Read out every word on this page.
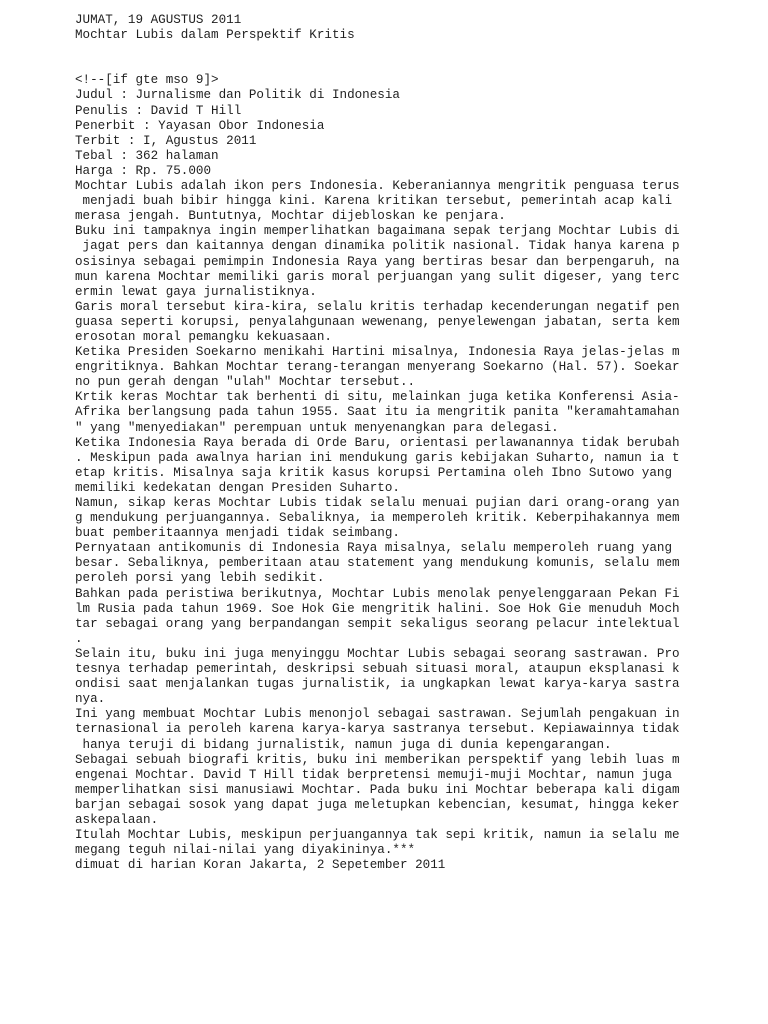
JUMAT, 19 AGUSTUS 2011
Mochtar Lubis dalam Perspektif Kritis
<!--[if gte mso 9]>
Judul : Jurnalisme dan Politik di Indonesia
Penulis : David T Hill
Penerbit : Yayasan Obor Indonesia
Terbit : I, Agustus 2011
Tebal : 362 halaman
Harga : Rp. 75.000
Mochtar Lubis adalah ikon pers Indonesia. Keberaniannya mengritik penguasa terus
menjadi buah bibir hingga kini. Karena kritikan tersebut, pemerintah acap kali
merasa jengah. Buntutnya, Mochtar dijebloskan ke penjara.
Buku ini tampaknya ingin memperlihatkan bagaimana sepak terjang Mochtar Lubis di
jagat pers dan kaitannya dengan dinamika politik nasional. Tidak hanya karena p
osisinya sebagai pemimpin Indonesia Raya yang bertiras besar dan berpengaruh, na
mun karena Mochtar memiliki garis moral perjuangan yang sulit digeser, yang terc
ermin lewat gaya jurnalistiknya.
Garis moral tersebut kira-kira, selalu kritis terhadap kecenderungan negatif pen
guasa seperti korupsi, penyalahgunaan wewenang, penyelewengan jabatan, serta kem
erosotan moral pemangku kekuasaan.
Ketika Presiden Soekarno menikahi Hartini misalnya, Indonesia Raya jelas-jelas m
engritiknya. Bahkan Mochtar terang-terangan menyerang Soekarno (Hal. 57). Soekar
no pun gerah dengan "ulah" Mochtar tersebut..
Krtik keras Mochtar tak berhenti di situ, melainkan juga ketika Konferensi Asia-
Afrika berlangsung pada tahun 1955. Saat itu ia mengritik panita "keramahtamahan
" yang "menyediakan" perempuan untuk menyenangkan para delegasi.
Ketika Indonesia Raya berada di Orde Baru, orientasi perlawanannya tidak berubah
. Meskipun pada awalnya harian ini mendukung garis kebijakan Suharto, namun ia t
etap kritis. Misalnya saja kritik kasus korupsi Pertamina oleh Ibno Sutowo yang
memiliki kedekatan dengan Presiden Suharto.
Namun, sikap keras Mochtar Lubis tidak selalu menuai pujian dari orang-orang yan
g mendukung perjuangannya. Sebaliknya, ia memperoleh kritik. Keberpihakannya mem
buat pemberitaannya menjadi tidak seimbang.
Pernyataan antikomunis di Indonesia Raya misalnya, selalu memperoleh ruang yang
besar. Sebaliknya, pemberitaan atau statement yang mendukung komunis, selalu mem
peroleh porsi yang lebih sedikit.
Bahkan pada peristiwa berikutnya, Mochtar Lubis menolak penyelenggaraan Pekan Fi
lm Rusia pada tahun 1969. Soe Hok Gie mengritik halini. Soe Hok Gie menuduh Moch
tar sebagai orang yang berpandangan sempit sekaligus seorang pelacur intelektual
.
Selain itu, buku ini juga menyinggu Mochtar Lubis sebagai seorang sastrawan. Pro
tesnya terhadap pemerintah, deskripsi sebuah situasi moral, ataupun eksplanasi k
ondisi saat menjalankan tugas jurnalistik, ia ungkapkan lewat karya-karya sastra
nya.
Ini yang membuat Mochtar Lubis menonjol sebagai sastrawan. Sejumlah pengakuan in
ternasional ia peroleh karena karya-karya sastranya tersebut. Kepiawainnya tidak
hanya teruji di bidang jurnalistik, namun juga di dunia kepengarangan.
Sebagai sebuah biografi kritis, buku ini memberikan perspektif yang lebih luas m
engenai Mochtar. David T Hill tidak berpretensi memuji-muji Mochtar, namun juga
memperlihatkan sisi manusiawi Mochtar. Pada buku ini Mochtar beberapa kali digam
barjan sebagai sosok yang dapat juga meletupkan kebencian, kesumat, hingga keker
askepalaan.
Itulah Mochtar Lubis, meskipun perjuangannya tak sepi kritik, namun ia selalu me
megang teguh nilai-nilai yang diyakininya.***
dimuat di harian Koran Jakarta, 2 Sepetember 2011
